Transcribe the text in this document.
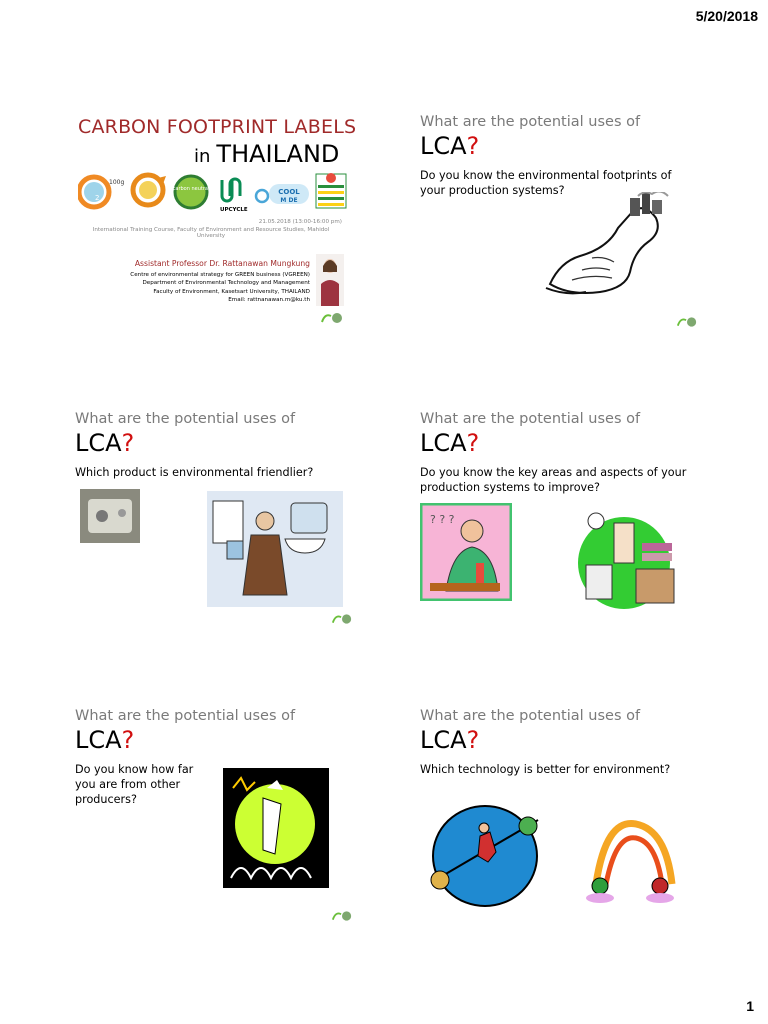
5/20/2018
CARBON FOOTPRINT LABELS
in THAILAND
100g
2
carbon neutral
UPCYCLE
COOL
M DE
21.05.2018 (13:00-16:00 pm)
International Training Course, Faculty of Environment and Resource Studies, Mahidol University
Assistant Professor Dr. Rattanawan Mungkung
Centre of environmental strategy for GREEN business (VGREEN)
Department of Environmental Technology and Management
Faculty of Environment, Kasetsart University, THAILAND
Email: rattnanawan.m@ku.th
What are the potential uses of
LCA?
Do you know the environmental footprints of your production systems?
What are the potential uses of
LCA?
Which product is environmental friendlier?
What are the potential uses of
LCA?
Do you know the key areas and aspects of your production systems to improve?
? ? ?
What are the potential uses of
LCA?
Do you know how far you are from other producers?
What are the potential uses of
LCA?
Which technology is better for environment?
1
